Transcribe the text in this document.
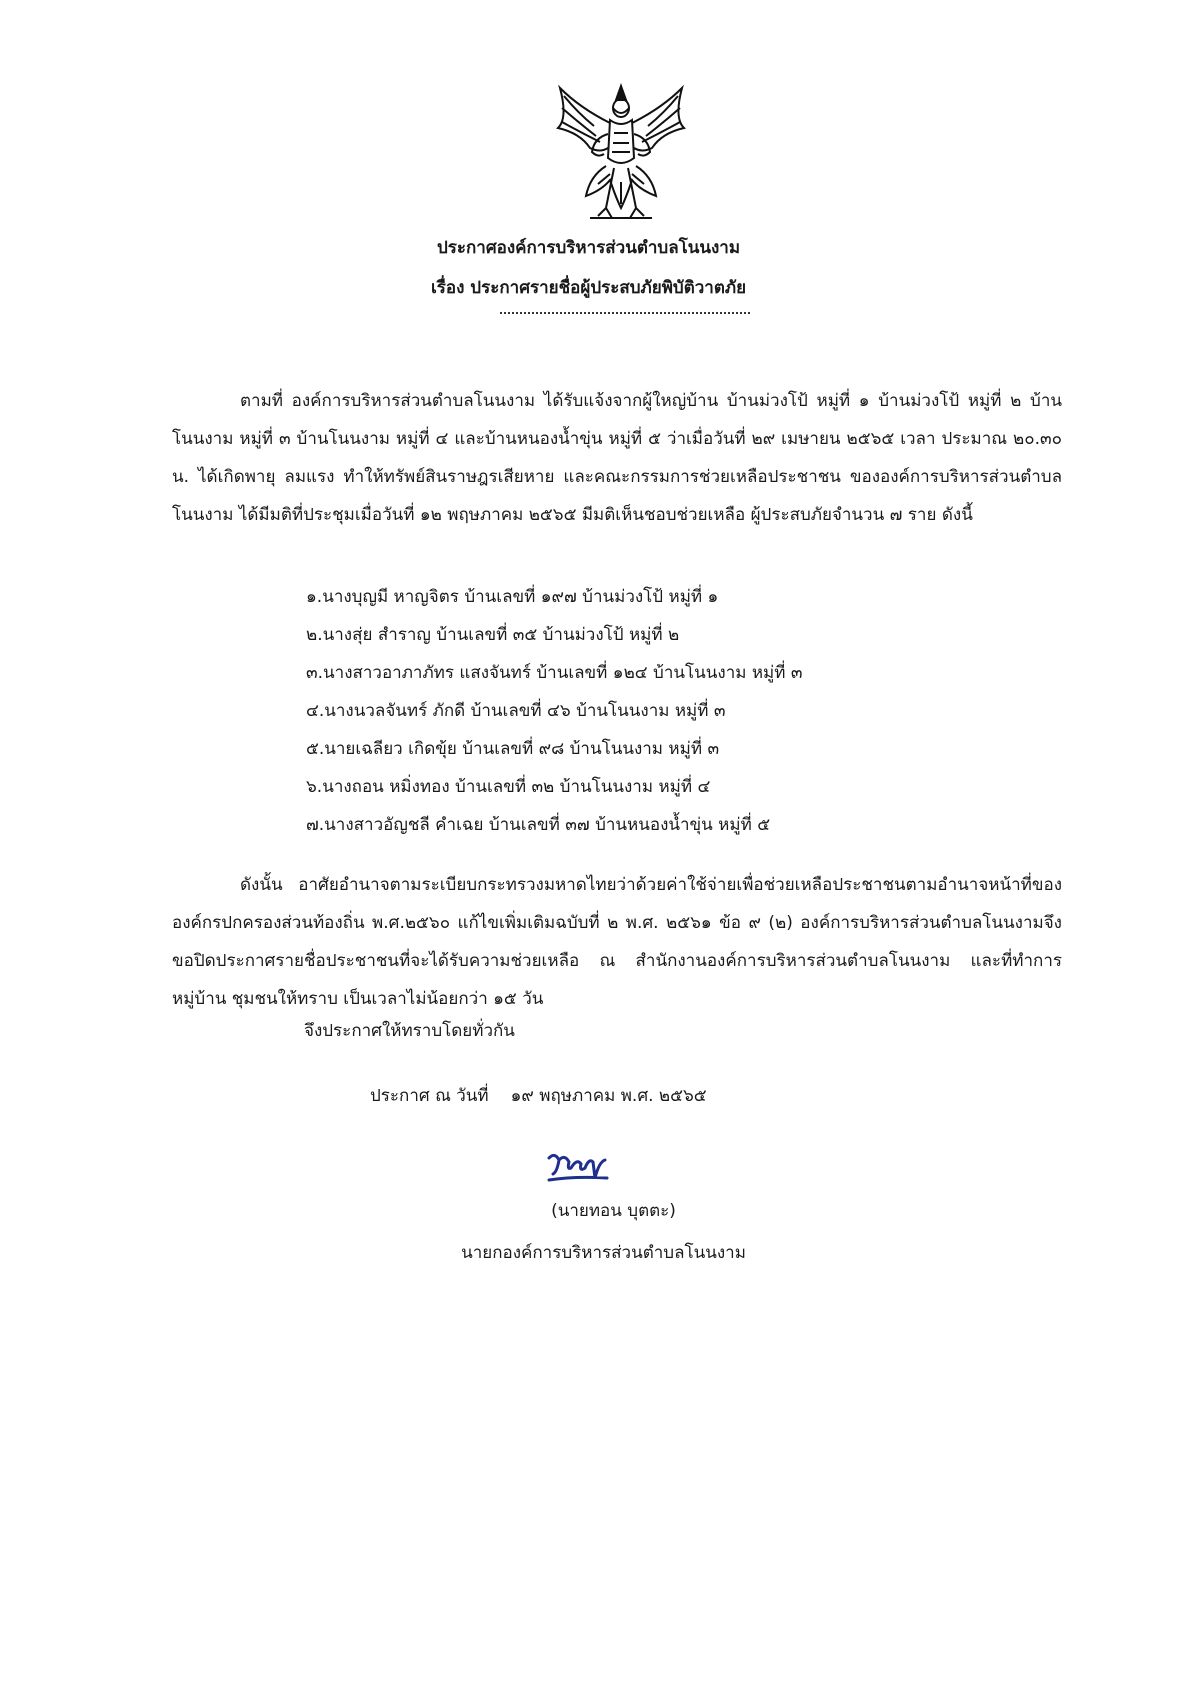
ประกาศองค์การบริหารส่วนตำบลโนนงาม
เรื่อง ประกาศรายชื่อผู้ประสบภัยพิบัติวาตภัย
ตามที่ องค์การบริหารส่วนตำบลโนนงาม ได้รับแจ้งจากผู้ใหญ่บ้าน บ้านม่วงโป้ หมู่ที่ ๑ บ้านม่วงโป้ หมู่ที่ ๒ บ้านโนนงาม หมู่ที่ ๓ บ้านโนนงาม หมู่ที่ ๔ และบ้านหนองน้ำขุ่น หมู่ที่ ๕ ว่าเมื่อวันที่ ๒๙ เมษายน ๒๕๖๕ เวลา ประมาณ ๒๐.๓๐ น. ได้เกิดพายุ ลมแรง ทำให้ทรัพย์สินราษฎรเสียหาย และคณะกรรมการช่วยเหลือประชาชน ขององค์การบริหารส่วนตำบลโนนงาม ได้มีมติที่ประชุมเมื่อวันที่ ๑๒ พฤษภาคม ๒๕๖๕ มีมติเห็นชอบช่วยเหลือ ผู้ประสบภัยจำนวน ๗ ราย ดังนี้
๑.นางบุญมี หาญจิตร บ้านเลขที่ ๑๙๗ บ้านม่วงโป้ หมู่ที่ ๑
๒.นางสุ่ย สำราญ บ้านเลขที่ ๓๕ บ้านม่วงโป้ หมู่ที่ ๒
๓.นางสาวอาภาภัทร แสงจันทร์ บ้านเลขที่ ๑๒๔ บ้านโนนงาม หมู่ที่ ๓
๔.นางนวลจันทร์ ภักดี บ้านเลขที่ ๔๖ บ้านโนนงาม หมู่ที่ ๓
๕.นายเฉลียว เกิดขุ้ย บ้านเลขที่ ๙๘ บ้านโนนงาม หมู่ที่ ๓
๖.นางถอน หมิ่งทอง บ้านเลขที่ ๓๒ บ้านโนนงาม หมู่ที่ ๔
๗.นางสาวอัญชลี คำเฉย บ้านเลขที่ ๓๗ บ้านหนองน้ำขุ่น หมู่ที่ ๕
ดังนั้น อาศัยอำนาจตามระเบียบกระทรวงมหาดไทยว่าด้วยค่าใช้จ่ายเพื่อช่วยเหลือประชาชนตามอำนาจหน้าที่ขององค์กรปกครองส่วนท้องถิ่น พ.ศ.๒๕๖๐ แก้ไขเพิ่มเติมฉบับที่ ๒ พ.ศ. ๒๕๖๑ ข้อ ๙ (๒) องค์การบริหารส่วนตำบลโนนงามจึงขอปิดประกาศรายชื่อประชาชนที่จะได้รับความช่วยเหลือ ณ สำนักงานองค์การบริหารส่วนตำบลโนนงาม และที่ทำการหมู่บ้าน ชุมชนให้ทราบ เป็นเวลาไม่น้อยกว่า ๑๕ วัน
จึงประกาศให้ทราบโดยทั่วกัน
ประกาศ ณ วันที่ ๑๙ พฤษภาคม พ.ศ. ๒๕๖๕
(นายทอน บุตตะ)
นายกองค์การบริหารส่วนตำบลโนนงาม
